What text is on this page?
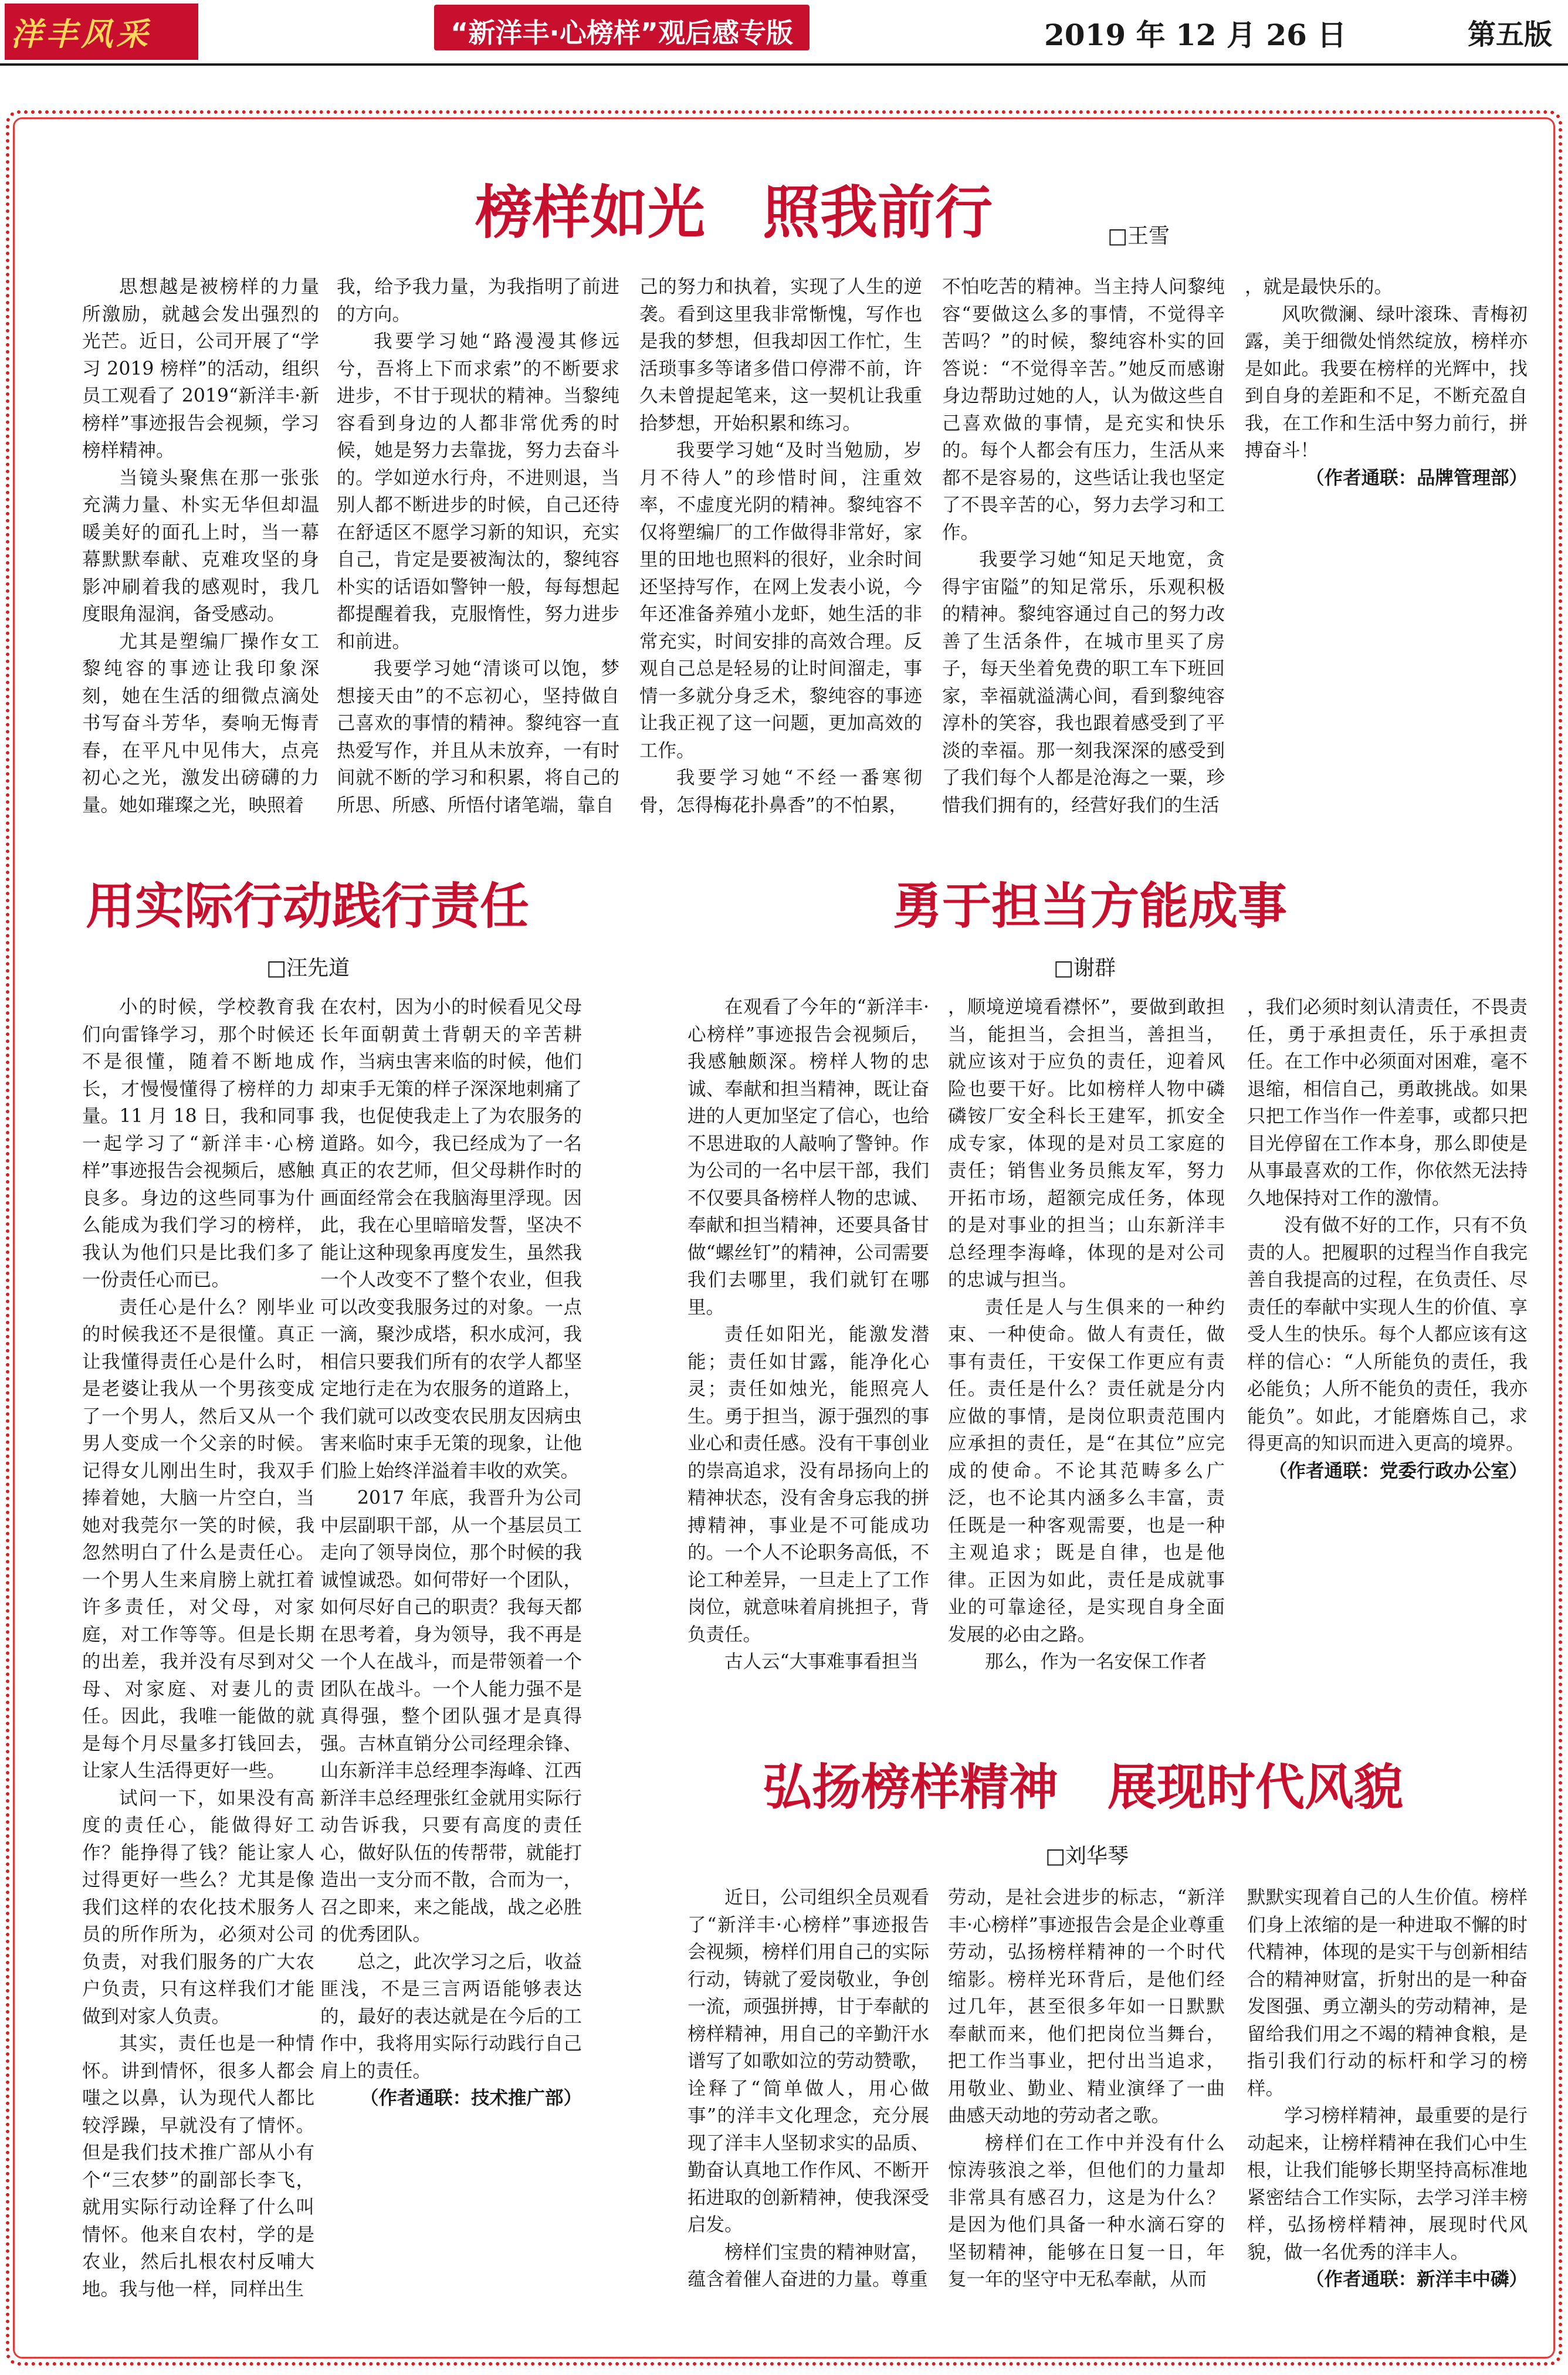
洋丰风采	“新洋丰·心榜样”观后感专版	2019 年 12 月 26 日	第五版
榜样如光　照我前行	□王雪

思想越是被榜样的力量所激励，就越会发出强烈的光芒。近日，公司开展了“学习 2019 榜样”的活动，组织员工观看了 2019“新洋丰·新榜样”事迹报告会视频，学习榜样精神。

当镜头聚焦在那一张张充满力量、朴实无华但却温暖美好的面孔上时，当一幕幕默默奉献、克难攻坚的身影冲刷着我的感观时，我几度眼角湿润，备受感动。

尤其是塑编厂操作女工黎纯容的事迹让我印象深刻，她在生活的细微点滴处书写奋斗芳华，奏响无悔青春，在平凡中见伟大，点亮初心之光，激发出磅礴的力量。她如璀璨之光，映照着

我，给予我力量，为我指明了前进的方向。

我要学习她“路漫漫其修远兮，吾将上下而求索”的不断要求进步，不甘于现状的精神。当黎纯容看到身边的人都非常优秀的时候，她是努力去靠拢，努力去奋斗的。学如逆水行舟，不进则退，当别人都不断进步的时候，自己还待在舒适区不愿学习新的知识，充实自己，肯定是要被淘汰的，黎纯容朴实的话语如警钟一般，每每想起都提醒着我，克服惰性，努力进步和前进。

我要学习她“清谈可以饱，梦想接天由”的不忘初心，坚持做自己喜欢的事情的精神。黎纯容一直热爱写作，并且从未放弃，一有时间就不断的学习和积累，将自己的所思、所感、所悟付诸笔端，靠自

己的努力和执着，实现了人生的逆袭。看到这里我非常惭愧，写作也是我的梦想，但我却因工作忙，生活琐事多等诸多借口停滞不前，许久未曾提起笔来，这一契机让我重拾梦想，开始积累和练习。

我要学习她“及时当勉励，岁月不待人”的珍惜时间，注重效率，不虚度光阴的精神。黎纯容不仅将塑编厂的工作做得非常好，家里的田地也照料的很好，业余时间还坚持写作，在网上发表小说，今年还准备养殖小龙虾，她生活的非常充实，时间安排的高效合理。反观自己总是轻易的让时间溜走，事情一多就分身乏术，黎纯容的事迹让我正视了这一问题，更加高效的工作。

我要学习她“不经一番寒彻骨，怎得梅花扑鼻香”的不怕累，

不怕吃苦的精神。当主持人问黎纯容“要做这么多的事情，不觉得辛苦吗？”的时候，黎纯容朴实的回答说：“不觉得辛苦。”她反而感谢身边帮助过她的人，认为做这些自己喜欢做的事情，是充实和快乐的。每个人都会有压力，生活从来都不是容易的，这些话让我也坚定了不畏辛苦的心，努力去学习和工作。

我要学习她“知足天地宽，贪得宇宙隘”的知足常乐，乐观积极的精神。黎纯容通过自己的努力改善了生活条件，在城市里买了房子，每天坐着免费的职工车下班回家，幸福就溢满心间，看到黎纯容淳朴的笑容，我也跟着感受到了平淡的幸福。那一刻我深深的感受到了我们每个人都是沧海之一粟，珍惜我们拥有的，经营好我们的生活

，就是最快乐的。

风吹微澜、绿叶滚珠、青梅初露，美于细微处悄然绽放，榜样亦是如此。我要在榜样的光辉中，找到自身的差距和不足，不断充盈自我，在工作和生活中努力前行，拼搏奋斗！

（作者通联：品牌管理部）

用实际行动践行责任
□汪先道

小的时候，学校教育我们向雷锋学习，那个时候还不是很懂，随着不断地成长，才慢慢懂得了榜样的力量。11 月 18 日，我和同事一起学习了“新洋丰·心榜样”事迹报告会视频后，感触良多。身边的这些同事为什么能成为我们学习的榜样，我认为他们只是比我们多了一份责任心而已。

责任心是什么？刚毕业的时候我还不是很懂。真正让我懂得责任心是什么时，是老婆让我从一个男孩变成了一个男人，然后又从一个男人变成一个父亲的时候。记得女儿刚出生时，我双手捧着她，大脑一片空白，当她对我莞尔一笑的时候，我忽然明白了什么是责任心。一个男人生来肩膀上就扛着许多责任，对父母，对家庭，对工作等等。但是长期的出差，我并没有尽到对父母、对家庭、对妻儿的责任。因此，我唯一能做的就是每个月尽量多打钱回去，让家人生活得更好一些。

试问一下，如果没有高度的责任心，能做得好工作？能挣得了钱？能让家人过得更好一些么？尤其是像我们这样的农化技术服务人员的所作所为，必须对公司负责，对我们服务的广大农户负责，只有这样我们才能做到对家人负责。

其实，责任也是一种情怀。讲到情怀，很多人都会嗤之以鼻，认为现代人都比较浮躁，早就没有了情怀。但是我们技术推广部从小有个“三农梦”的副部长李飞，就用实际行动诠释了什么叫情怀。他来自农村，学的是农业，然后扎根农村反哺大地。我与他一样，同样出生

在农村，因为小的时候看见父母长年面朝黄土背朝天的辛苦耕作，当病虫害来临的时候，他们却束手无策的样子深深地刺痛了我，也促使我走上了为农服务的道路。如今，我已经成为了一名真正的农艺师，但父母耕作时的画面经常会在我脑海里浮现。因此，我在心里暗暗发誓，坚决不能让这种现象再度发生，虽然我一个人改变不了整个农业，但我可以改变我服务过的对象。一点一滴，聚沙成塔，积水成河，我相信只要我们所有的农学人都坚定地行走在为农服务的道路上，我们就可以改变农民朋友因病虫害来临时束手无策的现象，让他们脸上始终洋溢着丰收的欢笑。

2017 年底，我晋升为公司中层副职干部，从一个基层员工走向了领导岗位，那个时候的我诚惶诚恐。如何带好一个团队，如何尽好自己的职责？我每天都在思考着，身为领导，我不再是一个人在战斗，而是带领着一个团队在战斗。一个人能力强不是真得强，整个团队强才是真得强。吉林直销分公司经理余锋、山东新洋丰总经理李海峰、江西新洋丰总经理张红金就用实际行动告诉我，只要有高度的责任心，做好队伍的传帮带，就能打造出一支分而不散，合而为一，召之即来，来之能战，战之必胜的优秀团队。

总之，此次学习之后，收益匪浅，不是三言两语能够表达的，最好的表达就是在今后的工作中，我将用实际行动践行自己肩上的责任。

（作者通联：技术推广部）

勇于担当方能成事
□谢群

在观看了今年的“新洋丰·心榜样”事迹报告会视频后，我感触颇深。榜样人物的忠诚、奉献和担当精神，既让奋进的人更加坚定了信心，也给不思进取的人敲响了警钟。作为公司的一名中层干部，我们不仅要具备榜样人物的忠诚、奉献和担当精神，还要具备甘做“螺丝钉”的精神，公司需要我们去哪里，我们就钉在哪里。

责任如阳光，能激发潜能；责任如甘露，能净化心灵；责任如烛光，能照亮人生。勇于担当，源于强烈的事业心和责任感。没有干事创业的崇高追求，没有昂扬向上的精神状态，没有舍身忘我的拼搏精神，事业是不可能成功的。一个人不论职务高低，不论工种差异，一旦走上了工作岗位，就意味着肩挑担子，背负责任。

古人云“大事难事看担当

，顺境逆境看襟怀”，要做到敢担当，能担当，会担当，善担当，就应该对于应负的责任，迎着风险也要干好。比如榜样人物中磷磷铵厂安全科长王建军，抓安全成专家，体现的是对员工家庭的责任；销售业务员熊友军，努力开拓市场，超额完成任务，体现的是对事业的担当；山东新洋丰总经理李海峰，体现的是对公司的忠诚与担当。

责任是人与生俱来的一种约束、一种使命。做人有责任，做事有责任，干安保工作更应有责任。责任是什么？责任就是分内应做的事情，是岗位职责范围内应承担的责任，是“在其位”应完成的使命。不论其范畴多么广泛，也不论其内涵多么丰富，责任既是一种客观需要，也是一种主观追求；既是自律，也是他律。正因为如此，责任是成就事业的可靠途径，是实现自身全面发展的必由之路。

那么，作为一名安保工作者

，我们必须时刻认清责任，不畏责任，勇于承担责任，乐于承担责任。在工作中必须面对困难，毫不退缩，相信自己，勇敢挑战。如果只把工作当作一件差事，或都只把目光停留在工作本身，那么即使是从事最喜欢的工作，你依然无法持久地保持对工作的激情。

没有做不好的工作，只有不负责的人。把履职的过程当作自我完善自我提高的过程，在负责任、尽责任的奉献中实现人生的价值、享受人生的快乐。每个人都应该有这样的信心：“人所能负的责任，我必能负；人所不能负的责任，我亦能负”。如此，才能磨炼自己，求得更高的知识而进入更高的境界。

（作者通联：党委行政办公室）

弘扬榜样精神　展现时代风貌
□刘华琴

近日，公司组织全员观看了“新洋丰·心榜样”事迹报告会视频，榜样们用自己的实际行动，铸就了爱岗敬业，争创一流，顽强拼搏，甘于奉献的榜样精神，用自己的辛勤汗水谱写了如歌如泣的劳动赞歌，诠释了“简单做人，用心做事”的洋丰文化理念，充分展现了洋丰人坚韧求实的品质、勤奋认真地工作作风、不断开拓进取的创新精神，使我深受启发。

榜样们宝贵的精神财富，蕴含着催人奋进的力量。尊重

劳动，是社会进步的标志，“新洋丰·心榜样”事迹报告会是企业尊重劳动，弘扬榜样精神的一个时代缩影。榜样光环背后，是他们经过几年，甚至很多年如一日默默奉献而来，他们把岗位当舞台，把工作当事业，把付出当追求，用敬业、勤业、精业演绎了一曲曲感天动地的劳动者之歌。

榜样们在工作中并没有什么惊涛骇浪之举，但他们的力量却非常具有感召力，这是为什么？是因为他们具备一种水滴石穿的坚韧精神，能够在日复一日，年复一年的坚守中无私奉献，从而

默默实现着自己的人生价值。榜样们身上浓缩的是一种进取不懈的时代精神，体现的是实干与创新相结合的精神财富，折射出的是一种奋发图强、勇立潮头的劳动精神，是留给我们用之不竭的精神食粮，是指引我们行动的标杆和学习的榜样。

学习榜样精神，最重要的是行动起来，让榜样精神在我们心中生根，让我们能够长期坚持高标准地紧密结合工作实际，去学习洋丰榜样，弘扬榜样精神，展现时代风貌，做一名优秀的洋丰人。

（作者通联：新洋丰中磷）
